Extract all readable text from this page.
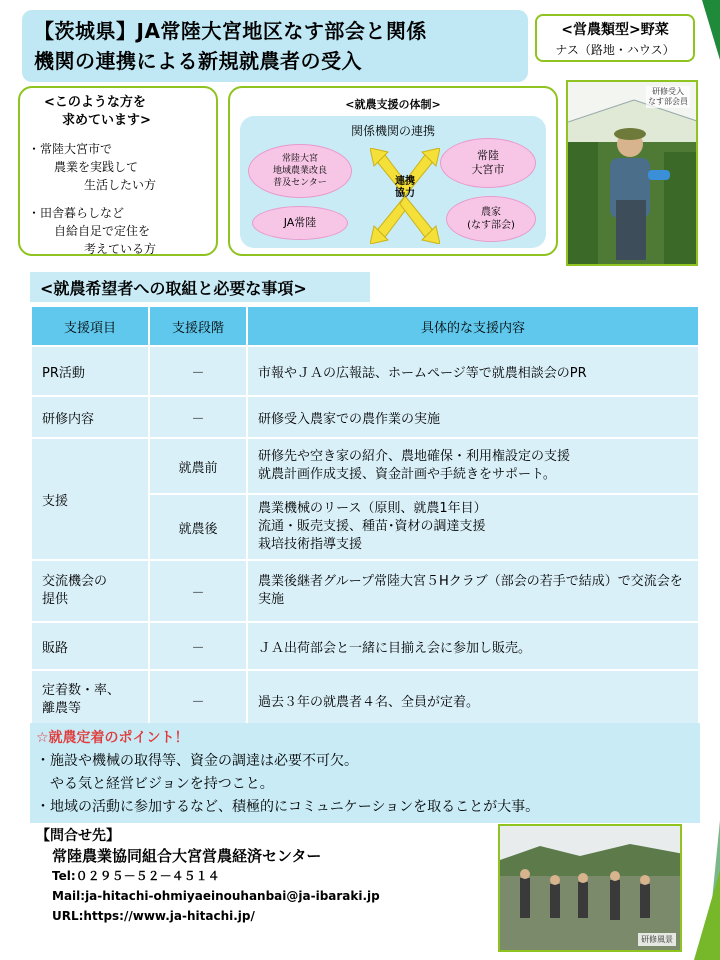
【茨城県】JA常陸大宮地区なす部会と関係
機関の連携による新規就農者の受入
<営農類型>野菜
ナス（路地・ハウス）
<このような方を
求めています>
・常陸大宮市で
農業を実践して
生活したい方
・田舎暮らしなど
自給自足で定住を
考えている方
<就農支援の体制>
関係機関の連携
常陸大宮
地域農業改良
普及センター
JA常陸
常陸
大宮市
農家
(なす部会)
連携
協力
研修受入
なす部会員
<就農希望者への取組と必要な事項>
支援項目	支援段階	具体的な支援内容
PR活動	－	市報やＪＡの広報誌、ホームページ等で就農相談会のPR
研修内容	－	研修受入農家での農作業の実施
支援	就農前	研修先や空き家の紹介、農地確保・利用権設定の支援
就農計画作成支援、資金計画や手続きをサポート。
	就農後	農業機械のリース（原則、就農1年目）
流通・販売支援、種苗･資材の調達支援
栽培技術指導支援
交流機会の
提供	－	農業後継者グループ常陸大宮５Hクラブ（部会の若手で結成）で交流会を実施
販路	－	ＪＡ出荷部会と一緒に目揃え会に参加し販売。
定着数・率、
離農等	－	過去３年の就農者４名、全員が定着。
☆就農定着のポイント！
・施設や機械の取得等、資金の調達は必要不可欠。
　やる気と経営ビジョンを持つこと。
・地域の活動に参加するなど、積極的にコミュニケーションを取ることが大事。
【問合せ先】
常陸農業協同組合大宮営農経済センター
Tel:０２９５－５２－４５１４
Mail:ja-hitachi-ohmiyaeinouhanbai@ja-ibaraki.jp
URL:https://www.ja-hitachi.jp/
研修風景
